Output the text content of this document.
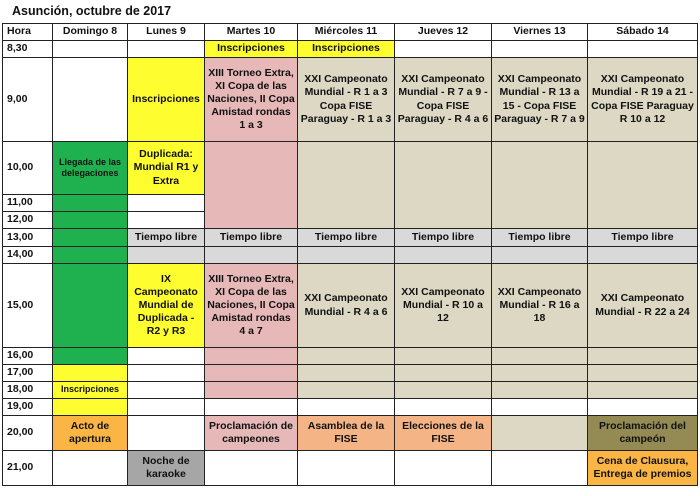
Asunción, octubre de 2017
Hora	Domingo 8	Lunes 9	Martes 10	Miércoles 11	Jueves 12	Viernes 13	Sábado 14
8,30			Inscripciones	Inscripciones			
9,00		Inscripciones	XIII Torneo Extra, XI Copa de las Naciones, II Copa Amistad rondas 1 a 3	XXI Campeonato Mundial - R 1 a 3 Copa FISE Paraguay - R 1 a 3	XXI Campeonato Mundial - R 7 a 9 - Copa FISE Paraguay - R 4 a 6	XXI Campeonato Mundial - R 13 a 15 - Copa FISE Paraguay - R 7 a 9	XXI Campeonato Mundial - R 19 a 21 - Copa FISE Paraguay R 10 a 12
10,00	Llegada de las delegaciones	Duplicada: Mundial R1 y Extra					
11,00							
12,00							
13,00		Tiempo libre	Tiempo libre	Tiempo libre	Tiempo libre	Tiempo libre	Tiempo libre
14,00							
15,00		IX Campeonato Mundial de Duplicada - R2 y R3	XIII Torneo Extra, XI Copa de las Naciones, II Copa Amistad rondas 4 a 7	XXI Campeonato Mundial - R 4 a 6	XXI Campeonato Mundial - R 10 a 12	XXI Campeonato Mundial - R 16 a 18	XXI Campeonato Mundial - R 22 a 24
16,00							
17,00							
18,00	Inscripciones						
19,00							
20,00	Acto de apertura		Proclamación de campeones	Asamblea de la FISE	Elecciones de la FISE		Proclamación del campeón
21,00		Noche de karaoke					Cena de Clausura, Entrega de premios
